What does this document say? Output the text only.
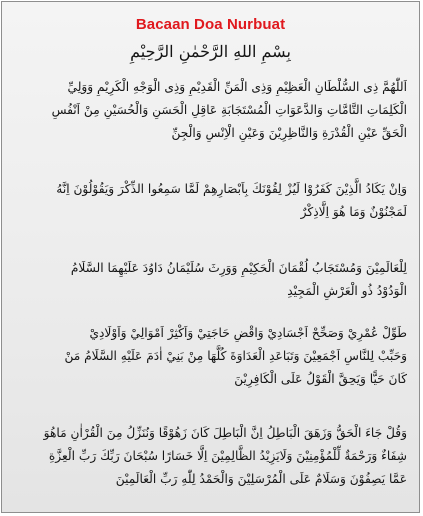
Bacaan Doa Nurbuat
بِسْمِ اللهِ الرَّحْمٰنِ الرَّحِيْمِ
اَللّٰهُمَّ ذِى السُّلْطَانِ الْعَظِيْمِ وَذِى الْمَنِّ الْقَدِيْمِ وَذِى الْوَجْهِ الْكَرِيْمِ وَوَلِيِّ
الْكَلِمَاتِ التَّامَّاتِ وَالدَّعَوَاتِ الْمُسْتَجَابَةِ عَاقِلِ الْحَسَنِ وَالْحُسَيْنِ مِنْ اَنْفُسِ
الْحَقِّ عَيْنِ الْقُدْرَةِ وَالنَّاظِرِيْنَ وَعَيْنِ الْاِنْسِ وَالْجِنِّ
وَاِنْ يَكَادُ الَّذِيْنَ كَفَرُوْا لَيُزْ لِقُوْنَكَ بِاَبْصَارِهِمْ لَمَّا سَمِعُوا الذِّكْرَ وَيَقُوْلُوْنَ اِنَّهُ
لَمَجْنُوْنٌ وَمَا هُوَ اِلَّاذِكْرٌ
لِلْعَالَمِيْنَ وَمُسْتَجَابُ لُقْمَانَ الْحَكِيْمِ وَوَرِثَ سُلَيْمَانُ دَاوُدَ عَلَيْهِمَا السَّلَامُ
الْوَدُوْدُ ذُو الْعَرْشِ الْمَجِيْدِ
طَوِّلْ عُمْرِيْ وَصَحِّحْ اَجْسَادِيْ وَاقْضِ حَاجَتِيْ وَاَكْثِرْ اَمْوَالِيْ وَاَوْلَادِيْ
وَحَبِّبْ لِلنَّاسِ اَجْمَعِيْنَ وَتَبَاعَدِ الْعَدَاوَةَ كُلَّهَا مِنْ بَنِيْ اٰدَمَ عَلَيْهِ السَّلَامُ مَنْ
كَانَ حَيًّا وَيَحِقَّ الْقَوْلُ عَلَى الْكَافِرِيْنَ
وَقُلْ جَاءَ الْحَقُّ وَزَهَقَ الْبَاطِلُ اِنَّ الْبَاطِلَ كَانَ زَهُوْقًا وَنُنَزِّلُ مِنَ الْقُرْاٰنِ مَاهُوَ
شِفَاءٌ وَرَحْمَةٌ لِّلْمُؤْمِنِيْنَ وَلَايَزِيْدُ الظَّالِمِيْنَ اِلَّا خَسَارًا سُبْحَانَ رَبِّكَ رَبِّ الْعِزَّةِ
عَمَّا يَصِفُوْنَ وَسَلَامٌ عَلَى الْمُرْسَلِيْنَ وَالْحَمْدُ لِلّٰهِ رَبِّ الْعَالَمِيْنَ
